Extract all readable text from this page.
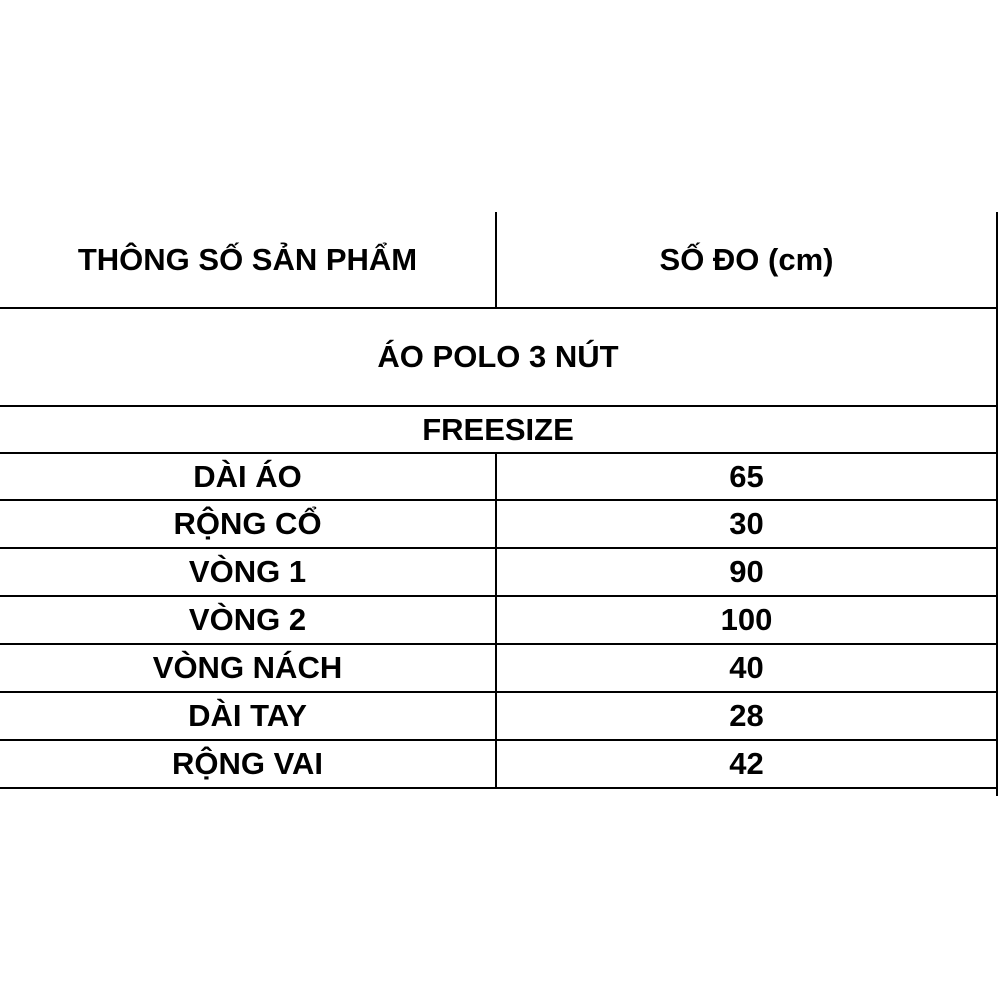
THÔNG SỐ SẢN PHẨM	SỐ ĐO (cm)
ÁO POLO 3 NÚT
FREESIZE
DÀI ÁO	65
RỘNG CỔ	30
VÒNG 1	90
VÒNG 2	100
VÒNG NÁCH	40
DÀI TAY	28
RỘNG VAI	42
